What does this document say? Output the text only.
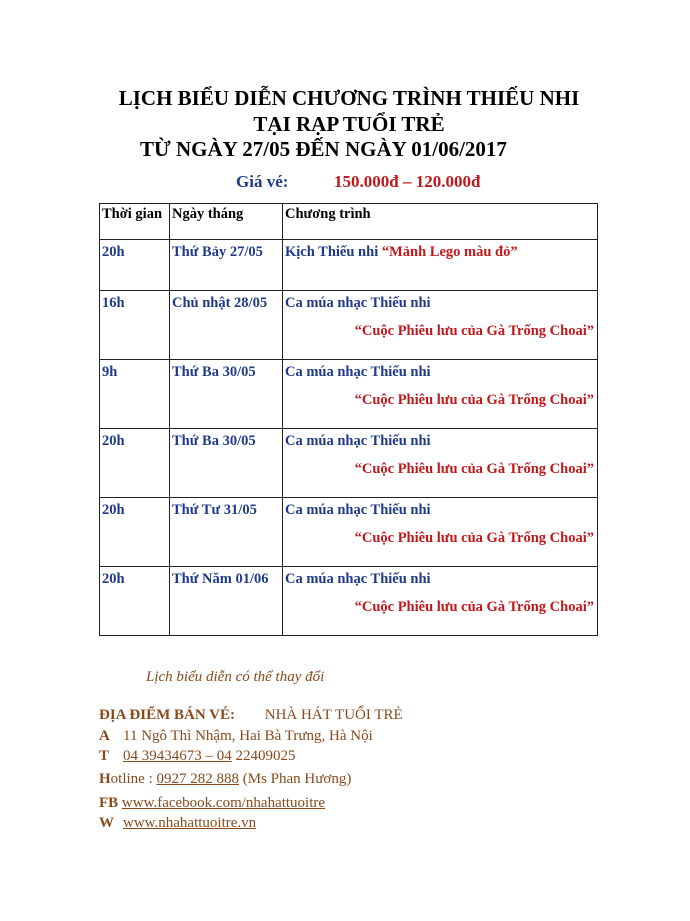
LỊCH BIỂU DIỄN CHƯƠNG TRÌNH THIẾU NHI
TẠI RẠP TUỔI TRẺ
TỪ NGÀY 27/05 ĐẾN NGÀY 01/06/2017
Giá vé:	150.000đ – 120.000đ
Thời gian	Ngày tháng	Chương trình
20h	Thứ Bảy 27/05	Kịch Thiếu nhi “Mảnh Lego màu đỏ”
16h	Chủ nhật 28/05	Ca múa nhạc Thiếu nhi
“Cuộc Phiêu lưu của Gà Trống Choai”

9h	Thứ Ba 30/05	Ca múa nhạc Thiếu nhi
“Cuộc Phiêu lưu của Gà Trống Choai”

20h	Thứ Ba 30/05	Ca múa nhạc Thiếu nhi
“Cuộc Phiêu lưu của Gà Trống Choai”

20h	Thứ Tư 31/05	Ca múa nhạc Thiếu nhi
“Cuộc Phiêu lưu của Gà Trống Choai”

20h	Thứ Năm 01/06	Ca múa nhạc Thiếu nhi
“Cuộc Phiêu lưu của Gà Trống Choai”
Lịch biểu diễn có thể thay đổi
ĐỊA ĐIỂM BÁN VÉ: NHÀ HÁT TUỔI TRẺ
A 11 Ngô Thì Nhậm, Hai Bà Trưng, Hà Nội
T 04 39434673 – 04 22409025
Hotline : 0927 282 888 (Ms Phan Hương)
FB www.facebook.com/nhahattuoitre
W www.nhahattuoitre.vn
